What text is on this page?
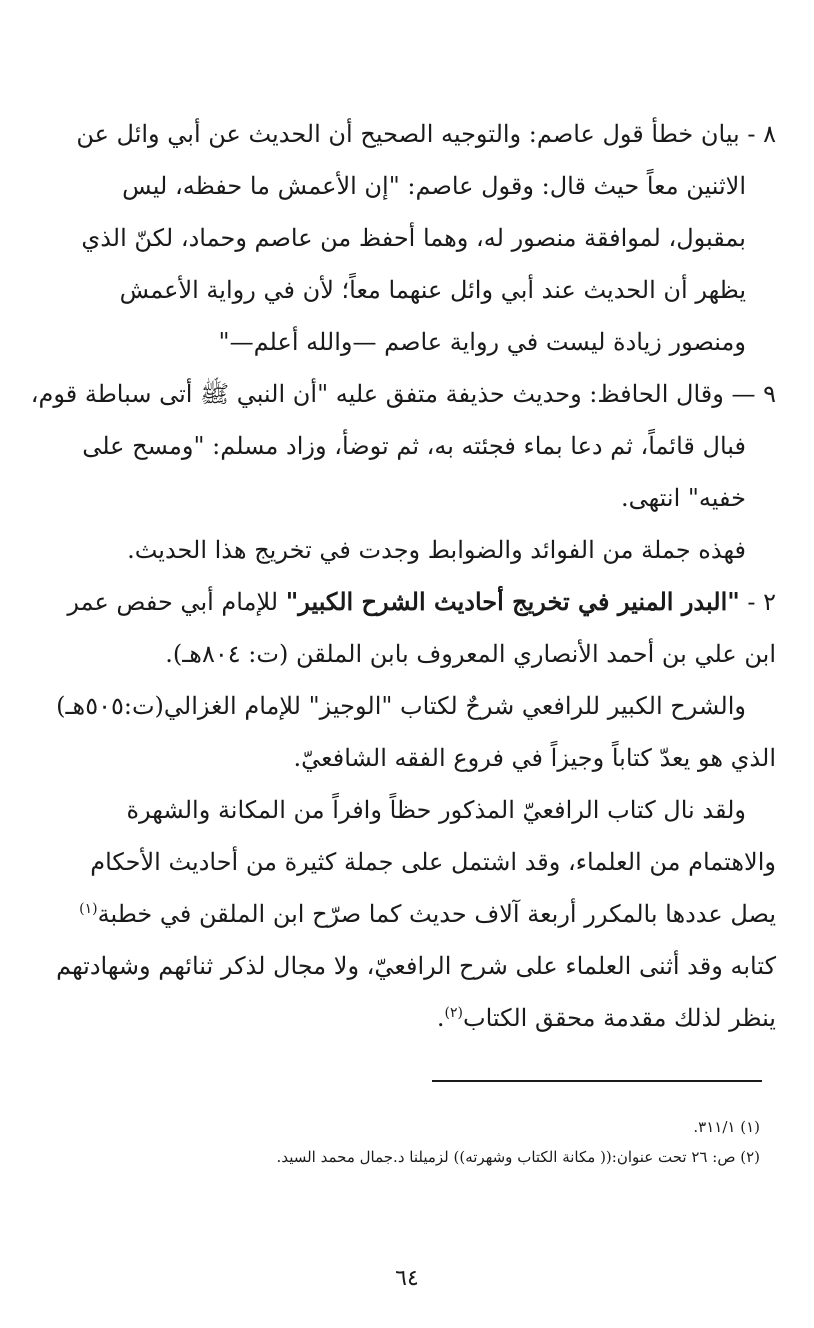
٨ - بيان خطأ قول عاصم: والتوجيه الصحيح أن الحديث عن أبي وائل عن
الاثنين معاً حيث قال: وقول عاصم: "إن الأعمش ما حفظه، ليس
بمقبول، لموافقة منصور له، وهما أحفظ من عاصم وحماد، لكنّ الذي
يظهر أن الحديث عند أبي وائل عنهما معاً؛ لأن في رواية الأعمش
ومنصور زيادة ليست في رواية عاصم —والله أعلم—"
٩ — وقال الحافظ: وحديث حذيفة متفق عليه "أن النبي ﷺ أتى سباطة قوم،
فبال قائماً، ثم دعا بماء فجئته به، ثم توضأ، وزاد مسلم: "ومسح على
خفيه" انتهى.
فهذه جملة من الفوائد والضوابط وجدت في تخريج هذا الحديث.
٢ - "البدر المنير في تخريج أحاديث الشرح الكبير" للإمام أبي حفص عمر
ابن علي بن أحمد الأنصاري المعروف بابن الملقن (ت: ٨٠٤هـ).
والشرح الكبير للرافعي شرحٌ لكتاب "الوجيز" للإمام الغزالي(ت:٥٠٥هـ)
الذي هو يعدّ كتاباً وجيزاً في فروع الفقه الشافعيّ.
ولقد نال كتاب الرافعيّ المذكور حظاً وافراً من المكانة والشهرة
والاهتمام من العلماء، وقد اشتمل على جملة كثيرة من أحاديث الأحكام
يصل عددها بالمكرر أربعة آلاف حديث كما صرّح ابن الملقن في خطبة$^{(١)}$
كتابه وقد أثنى العلماء على شرح الرافعيّ، ولا مجال لذكر ثنائهم وشهادتهم
ينظر لذلك مقدمة محقق الكتاب$^{(٢)}$.
(١) ٣١١/١.
(٢) ص: ٢٦ تحت عنوان:(( مكانة الكتاب وشهرته)) لزميلنا د.جمال محمد السيد.
٦٤
